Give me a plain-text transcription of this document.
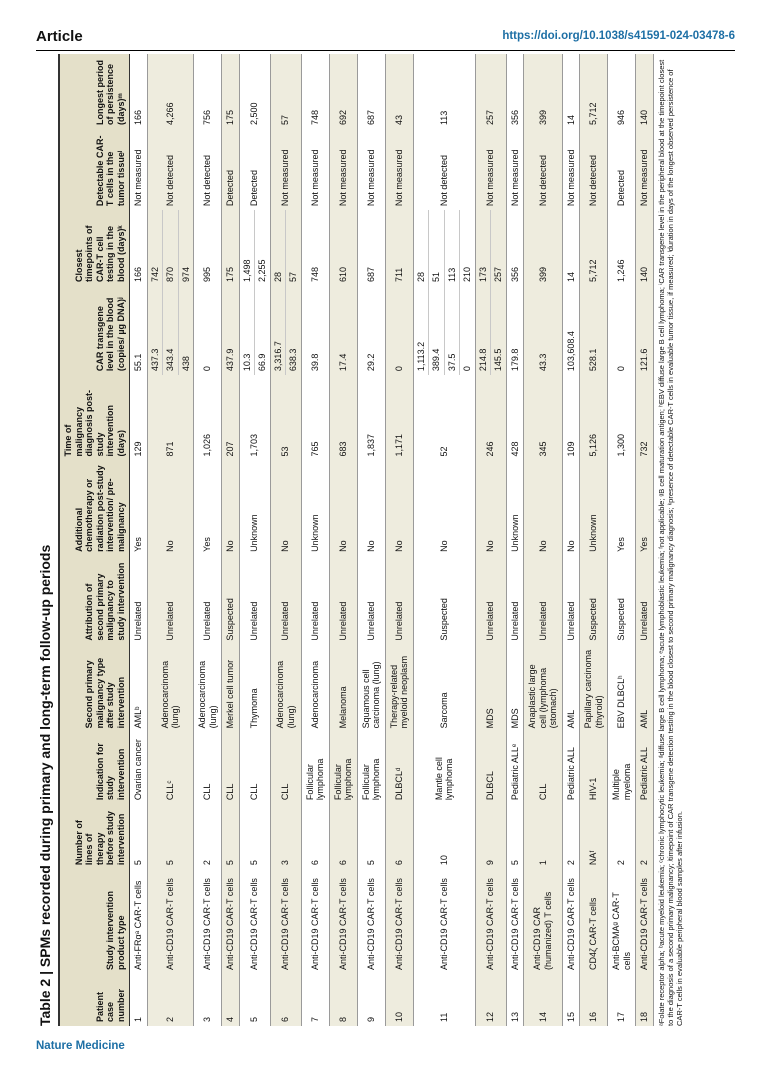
Article	https://doi.org/10.1038/s41591-024-03478-6
Table 2 | SPMs recorded during primary and long-term follow-up periods	Patient case number	Study intervention product type	Number of lines of therapy before study intervention	Indication for study intervention	Second primary malignancy type after study intervention	Attribution of second primary malignancy to study intervention	Additional chemotherapy or radiation post-study intervention/ pre-malignancy	Time of malignancy diagnosis post-study intervention (days)	CAR transgene level in the blood (copies/ µg DNA)ʲ	Closest timepoints of CAR-T cell testing in the blood (days)ᵏ	Detectable CAR-T cells in the tumor tissueˡ	Longest period of persistence (days)ᵐ
1	Anti-FRαᵃ CAR-T cells	5	Ovarian cancer	AMLᵇ	Unrelated	Yes	129	55.1	166	Not measured	166
2	Anti-CD19 CAR-T cells	5	CLLᶜ	Adenocarcinoma (lung)	Unrelated	No	871	437.3 343.4 438	742 870 974	Not detected	4,266
3	Anti-CD19 CAR-T cells	2	CLL	Adenocarcinoma (lung)	Unrelated	Yes	1,026	0	995	Not detected	756
4	Anti-CD19 CAR-T cells	5	CLL	Merkel cell tumor	Suspected	No	207	437.9	175	Detected	175
5	Anti-CD19 CAR-T cells	5	CLL	Thymoma	Unrelated	Unknown	1,703	10.3 66.9	1,498 2,255	Detected	2,500
6	Anti-CD19 CAR-T cells	3	CLL	Adenocarcinoma (lung)	Unrelated	No	53	3,316.7 638.3	28 57	Not measured	57
7	Anti-CD19 CAR-T cells	6	Follicular lymphoma	Adenocarcinoma	Unrelated	Unknown	765	39.8	748	Not measured	748
8	Anti-CD19 CAR-T cells	6	Follicular lymphoma	Melanoma	Unrelated	No	683	17.4	610	Not measured	692
9	Anti-CD19 CAR-T cells	5	Follicular lymphoma	Squamous cell carcinoma (lung)	Unrelated	No	1,837	29.2	687	Not measured	687
10	Anti-CD19 CAR-T cells	6	DLBCLᵈ	Therapy-related myeloid neoplasm	Unrelated	No	1,171	0	711	Not measured	43
11	Anti-CD19 CAR-T cells	10	Mantle cell lymphoma	Sarcoma	Suspected	No	52	1,113.2 389.4 37.5 0	28 51 113 210	Not detected	113
12	Anti-CD19 CAR-T cells	9	DLBCL	MDS	Unrelated	No	246	214.8 145.5	173 257	Not measured	257
13	Anti-CD19 CAR-T cells	5	Pediatric ALLᵉ	MDS	Unrelated	Unknown	428	179.8	356	Not measured	356
14	Anti-CD19 CAR (humanized) T cells	1	CLL	Anaplastic large cell (lymphoma (stomach)	Unrelated	No	345	43.3	399	Not detected	399
15	Anti-CD19 CAR-T cells	2	Pediatric ALL	AML	Unrelated	No	109	103,608.4	14	Not measured	14
16	CD4ζ CAR-T cells	NAᶠ	HIV-1	Papillary carcinoma (thyroid)	Suspected	Unknown	5,126	528.1	5,712	Not detected	5,712
17	Anti-BCMAᵍ CAR-T cells	2	Multiple myeloma	EBV DLBCLʰ	Suspected	Yes	1,300	0	1,246	Detected	946
18	Anti-CD19 CAR-T cells	2	Pediatric ALL	AML	Unrelated	Yes	732	121.6	140	Not measured	140 ᵃFolate receptor alpha; ᵇacute myeloid leukemia; ᶜchronic lymphocytic leukemia; ᵈdiffuse large B cell lymphoma; ᵉacute lymphoblastic leukemia; ᶠnot applicable; ᵍB cell maturation antigen; ʰEBV diffuse large B cell lymphoma; ⁱCAR transgene level in the peripheral blood at the timepoint closest to the diagnosis of a second primary malignancy; ʲtimepoint of CAR transgene detection testing in the blood closest to second primary malignancy diagnosis; ᵏpresence of detectable CAR-T cells in evaluable tumor tissue, if measured; ˡduration in days of the longest observed persistence of CAR-T cells in evaluable peripheral blood samples after infusion.
Nature Medicine
